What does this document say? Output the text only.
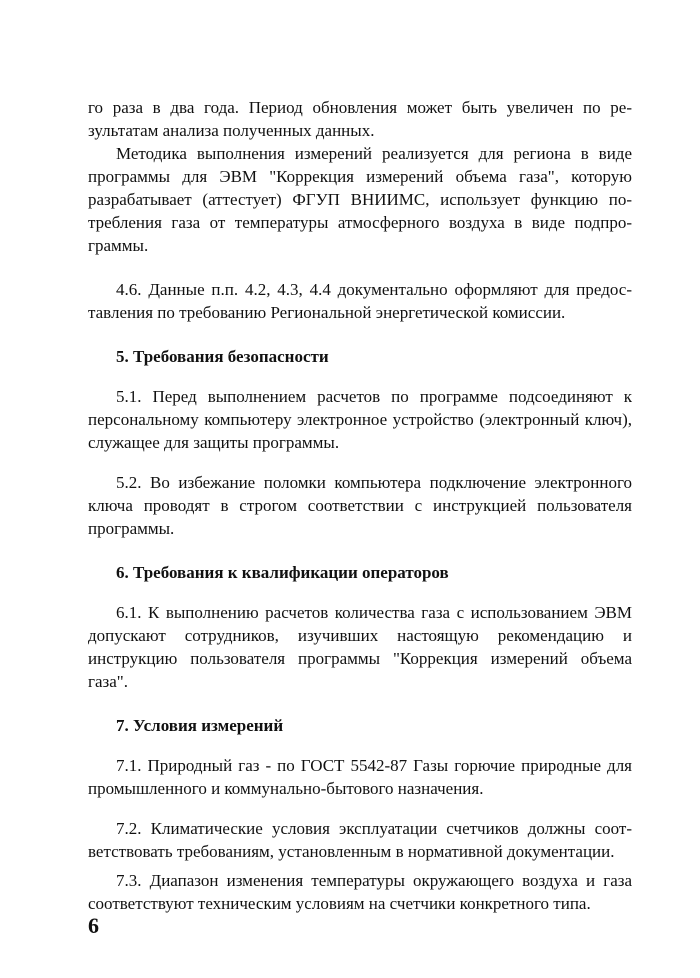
го раза в два года. Период обновления может быть увеличен по результатам анализа полученных данных.

Методика выполнения измерений реализуется для региона в виде программы для ЭВМ "Коррекция измерений объема газа", которую разрабатывает (аттестует) ФГУП ВНИИМС, использует функцию потребления газа от температуры атмосферного воздуха в виде подпрограммы.

4.6. Данные п.п. 4.2, 4.3, 4.4 документально оформляют для предоставления по требованию Региональной энергетической комиссии.

5. Требования безопасности

5.1. Перед выполнением расчетов по программе подсоединяют к персональному компьютеру электронное устройство (электронный ключ), служащее для защиты программы.

5.2. Во избежание поломки компьютера подключение электронного ключа проводят в строгом соответствии с инструкцией пользователя программы.

6. Требования к квалификации операторов

6.1. К выполнению расчетов количества газа с использованием ЭВМ допускают сотрудников, изучивших настоящую рекомендацию и инструкцию пользователя программы "Коррекция измерений объема газа".

7. Условия измерений

7.1. Природный газ - по ГОСТ 5542-87 Газы горючие природные для промышленного и коммунально-бытового назначения.

7.2. Климатические условия эксплуатации счетчиков должны соответствовать требованиям, установленным в нормативной документации.

7.3. Диапазон изменения температуры окружающего воздуха и газа соответствуют техническим условиям на счетчики конкретного типа.

6
